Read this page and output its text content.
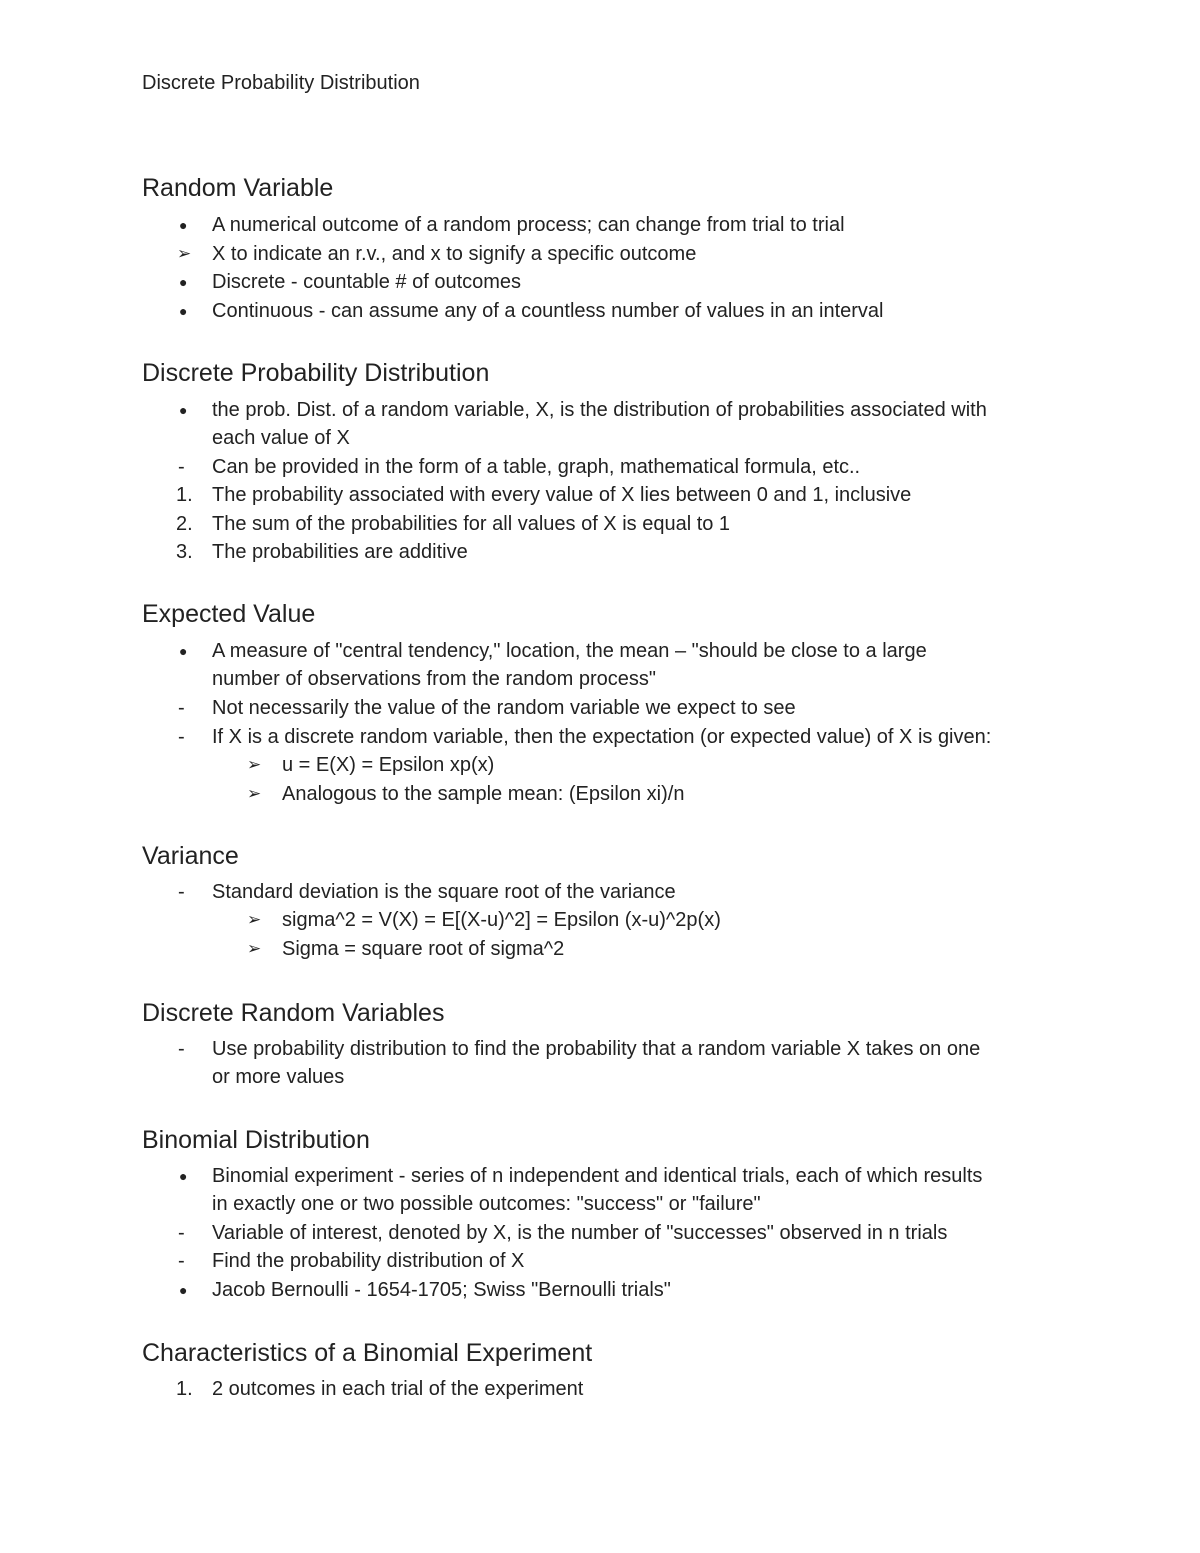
Discrete Probability Distribution
Random Variable
●	A numerical outcome of a random process; can change from trial to trial
➢	X to indicate an r.v., and x to signify a specific outcome
●	Discrete - countable # of outcomes
●	Continuous - can assume any of a countless number of values in an interval
Discrete Probability Distribution
●	the prob. Dist. of a random variable, X, is the distribution of probabilities associated with
each value of X
-	Can be provided in the form of a table, graph, mathematical formula, etc..
1. The probability associated with every value of X lies between 0 and 1, inclusive
2. The sum of the probabilities for all values of X is equal to 1
3. The probabilities are additive
Expected Value
●	A measure of "central tendency," location, the mean – "should be close to a large
number of observations from the random process"
-	Not necessarily the value of the random variable we expect to see
-	If X is a discrete random variable, then the expectation (or expected value) of X is given:
➢	u = E(X) = Epsilon xp(x)
➢	Analogous to the sample mean: (Epsilon xi)/n
Variance
-	Standard deviation is the square root of the variance
➢	sigma^2 = V(X) = E[(X-u)^2] = Epsilon (x-u)^2p(x)
➢	Sigma = square root of sigma^2
Discrete Random Variables
-	Use probability distribution to find the probability that a random variable X takes on one
or more values
Binomial Distribution
●	Binomial experiment - series of n independent and identical trials, each of which results
in exactly one or two possible outcomes: "success" or "failure"
-	Variable of interest, denoted by X, is the number of "successes" observed in n trials
-	Find the probability distribution of X
●	Jacob Bernoulli - 1654-1705; Swiss "Bernoulli trials"
Characteristics of a Binomial Experiment
1. 2 outcomes in each trial of the experiment
